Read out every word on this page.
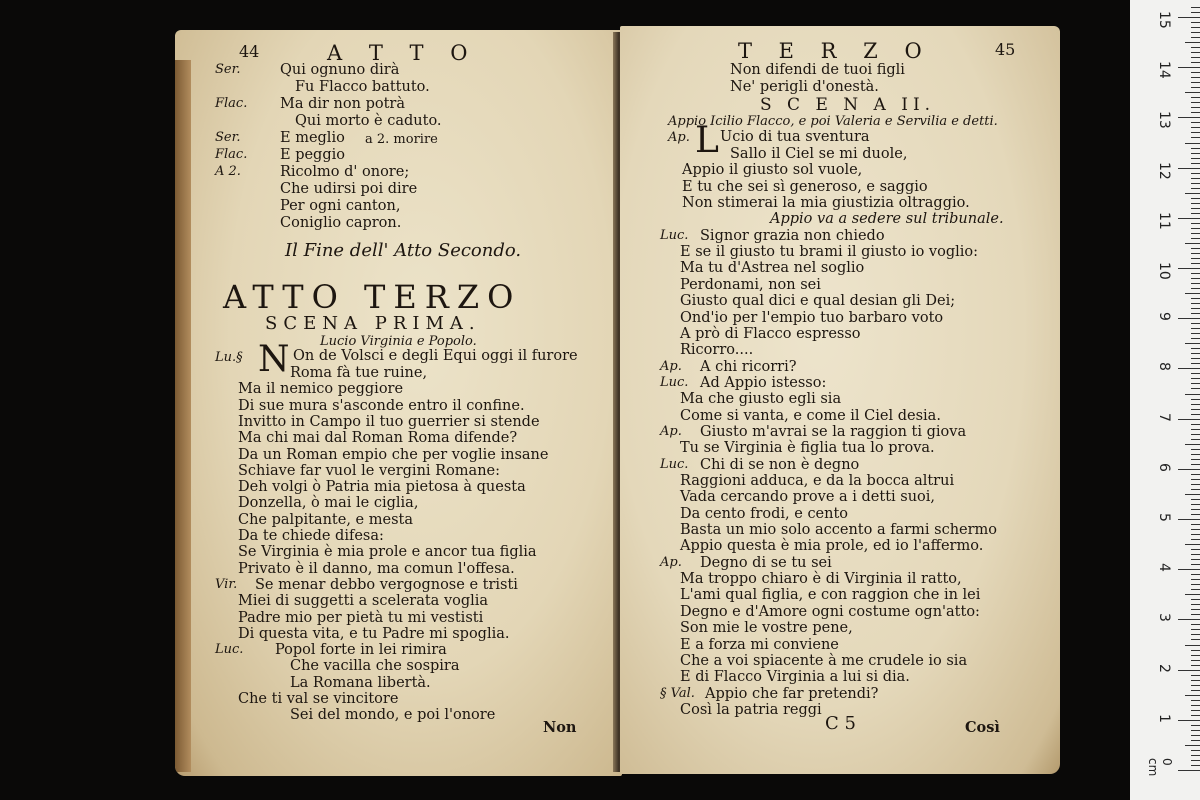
44	A T T O
Ser.	Qui ognuno dirà
Fu Flacco battuto.
Flac. Ma dir non potrà
Qui morto è caduto.
Ser.	E meglio
Flac. E peggio
A 2.	Ricolmo d' onore;
Che udirsi poi dire
Per ogni canton,
Coniglio capron.
a 2. morire
Il Fine dell' Atto Secondo.
ATTO TERZO
SCENA PRIMA.
Lucio Virginia e Popolo.
Lu.§ N On de Volsci e degli Equi oggi il furore
Roma fà tue ruine,
Ma il nemico peggiore
Di sue mura s'asconde entro il confine.
Invitto in Campo il tuo guerrier si stende
Ma chi mai dal Roman Roma difende?
Da un Roman empio che per voglie insane
Schiave far vuol le vergini Romane:
Deh volgi ò Patria mia pietosa à questa
Donzella, ò mai le ciglia,
Che palpitante, e mesta
Da te chiede difesa:
Se Virginia è mia prole e ancor tua figlia
Privato è il danno, ma comun l'offesa.
Vir. Se menar debbo vergognose e tristi
Miei di suggetti a scelerata voglia
Padre mio per pietà tu mi vestisti
Di questa vita, e tu Padre mi spoglia.
Luc. Popol forte in lei rimira
Che vacilla che sospira
La Romana libertà.
Che ti val se vincitore
Sei del mondo, e poi l'onore
Non
T E R Z O	45
Non difendi de tuoi figli
Ne' perigli d'onestà.
S C E N A II.
Appio Icilio Flacco, e poi Valeria e Servilia e detti.
Ap. L Ucio di tua sventura
Sallo il Ciel se mi duole,
Appio il giusto sol vuole,
E tu che sei sì generoso, e saggio
Non stimerai la mia giustizia oltraggio.
Appio va a sedere sul tribunale.
Luc. Signor grazia non chiedo
E se il giusto tu brami il giusto io voglio:
Ma tu d'Astrea nel soglio
Perdonami, non sei
Giusto qual dici e qual desian gli Dei;
Ond'io per l'empio tuo barbaro voto
A prò di Flacco espresso
Ricorro....
Ap. A chi ricorri?
Luc. Ad Appio istesso:
Ma che giusto egli sia
Come si vanta, e come il Ciel desia.
Ap. Giusto m'avrai se la raggion ti giova
Tu se Virginia è figlia tua lo prova.
Luc. Chi di se non è degno
Raggioni adduca, e da la bocca altrui
Vada cercando prove a i detti suoi,
Da cento frodi, e cento
Basta un mio solo accento a farmi schermo
Appio questa è mia prole, ed io l'affermo.
Ap. Degno di se tu sei
Ma troppo chiaro è di Virginia il ratto,
L'ami qual figlia, e con raggion che in lei
Degno e d'Amore ogni costume ogn'atto:
Son mie le vostre pene,
E a forza mi conviene
Che a voi spiacente à me crudele io sia
E di Flacco Virginia a lui si dia.
§ Val. Appio che far pretendi?
Così la patria reggi
C 5	Così
0 cm
15
14
13
12
11
10
9
8
7
6
5
4
3
2
1
